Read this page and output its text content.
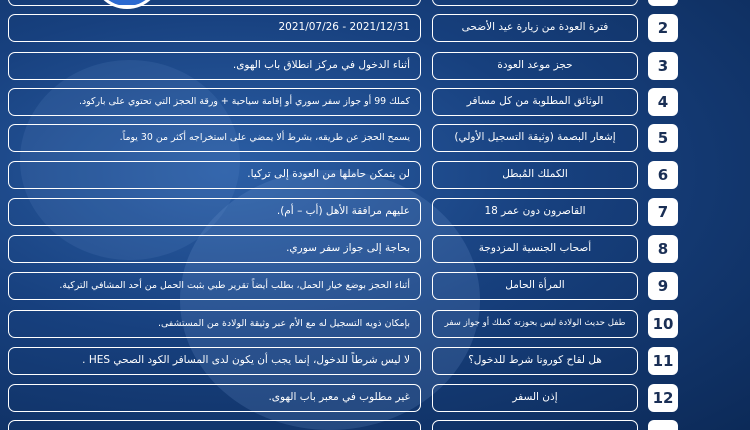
2021/12/31 - 2021/07/26	فترة العودة من زيارة عيد الأضحى	2
أثناء الدخول في مركز انطلاق باب الهوى.	حجز موعد العودة	3
كملك 99 أو جواز سفر سوري أو إقامة سياحية + ورقة الحجز التي تحتوي على باركود.	الوثائق المطلوبة من كل مسافر	4
يسمح الحجز عن طريقه، بشرط ألا يمضي على استخراجه أكثر من 30 يوماً.	إشعار البصمة (وثيقة التسجيل الأولي)	5
لن يتمكن حاملها من العودة إلى تركيا.	الكملك المُبطل	6
عليهم مرافقة الأهل (أب – أم).	القاصرون دون عمر 18	7
بحاجة إلى جواز سفر سوري.	أصحاب الجنسية المزدوجة	8
أثناء الحجز بوضع خيار الحمل، بطلب أيضاً تقرير طبي بثبت الحمل من أحد المشافي التركية.	المرأة الحامل	9
بإمكان ذويه التسجيل له مع الأم عبر وثيقة الولادة من المستشفى.	طفل حديث الولادة ليس بحوزته كملك أو جواز سفر	10
لا ليس شرطاً للدخول، إنما يجب أن يكون لدى المسافر الكود الصحي HES .	هل لقاح كورونا شرط للدخول؟	11
غير مطلوب في معبر باب الهوى.	إذن السفر	12
